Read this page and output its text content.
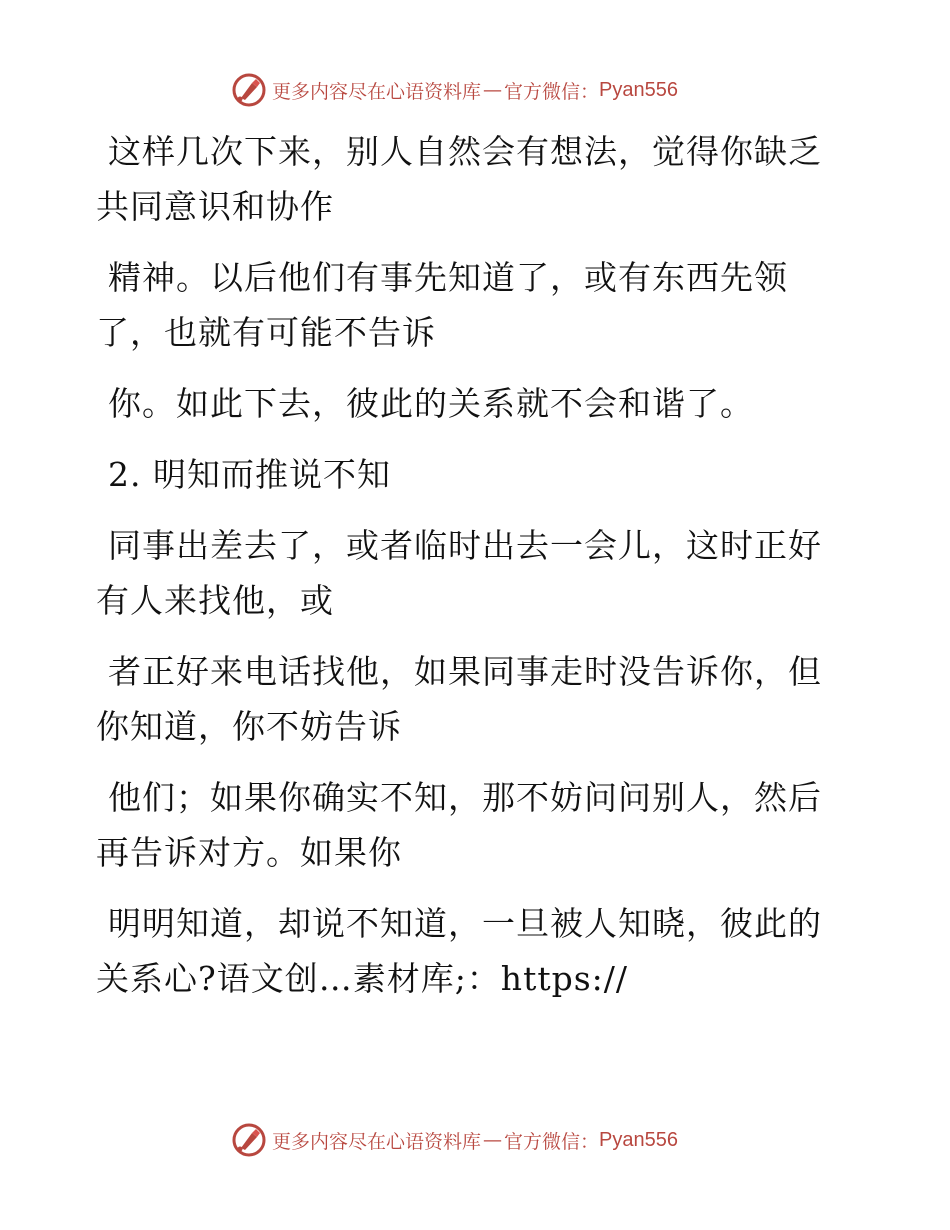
更多内容尽在心语资料库 — 官方微信： Pyan556
这样几次下来，别人自然会有想法，觉得你缺乏
共同意识和协作
精神。以后他们有事先知道了，或有东西先领
了，也就有可能不告诉
你。如此下去，彼此的关系就不会和谐了。
2. 明知而推说不知
同事出差去了，或者临时出去一会儿，这时正好
有人来找他，或
者正好来电话找他，如果同事走时没告诉你，但
你知道，你不妨告诉
他们；如果你确实不知，那不妨问问别人，然后
再告诉对方。如果你
明明知道，却说不知道，一旦被人知晓，彼此的
关系心?语文创…素材库;：https://
更多内容尽在心语资料库 — 官方微信： Pyan556
